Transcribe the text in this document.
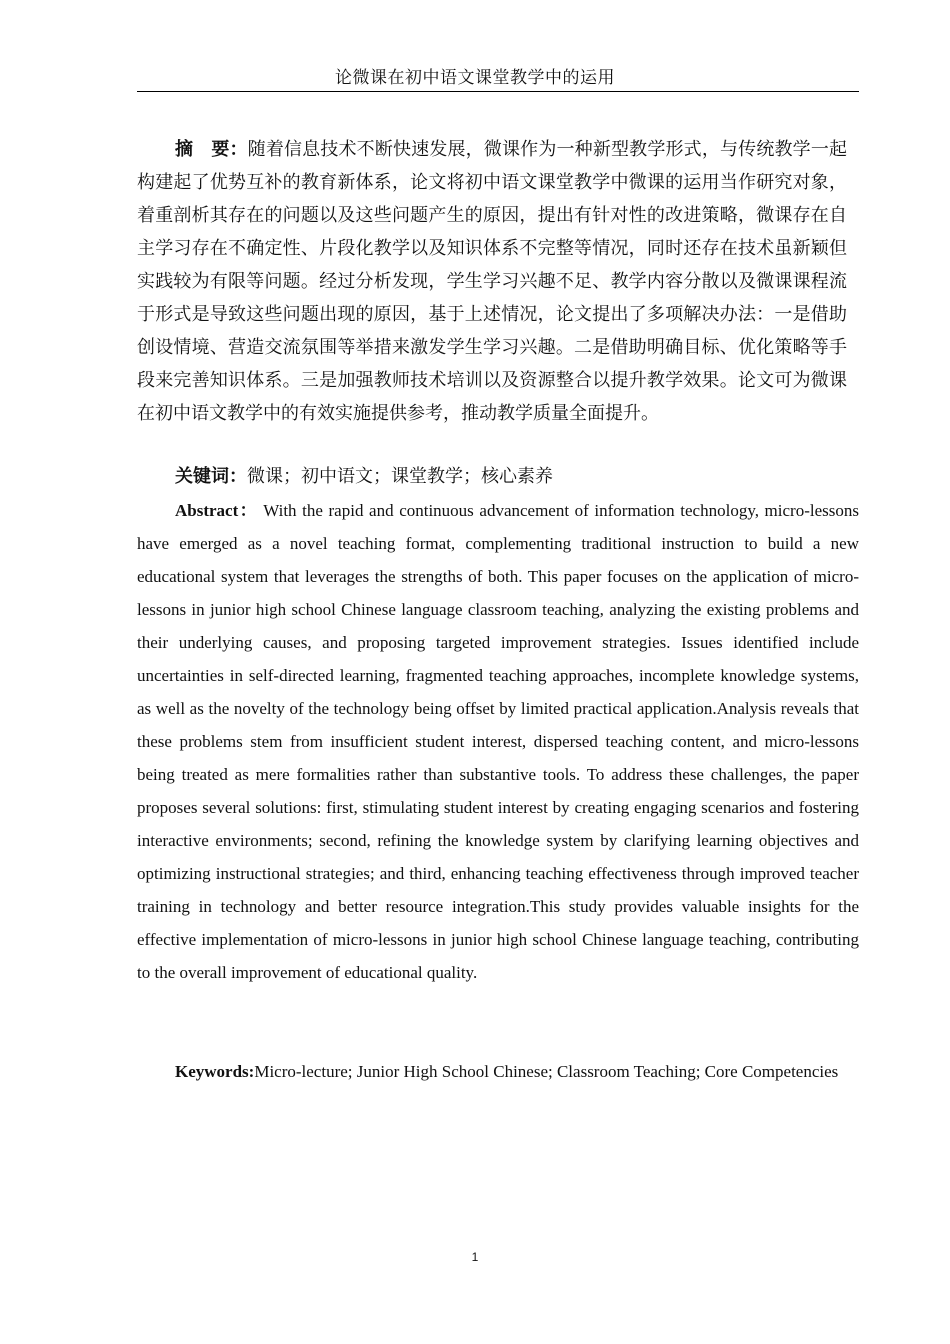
论微课在初中语文课堂教学中的运用

摘　要：随着信息技术不断快速发展，微课作为一种新型教学形式，与传统教学一起构建起了优势互补的教育新体系，论文将初中语文课堂教学中微课的运用当作研究对象，着重剖析其存在的问题以及这些问题产生的原因，提出有针对性的改进策略，微课存在自主学习存在不确定性、片段化教学以及知识体系不完整等情况，同时还存在技术虽新颖但实践较为有限等问题。经过分析发现，学生学习兴趣不足、教学内容分散以及微课课程流于形式是导致这些问题出现的原因，基于上述情况，论文提出了多项解决办法：一是借助创设情境、营造交流氛围等举措来激发学生学习兴趣。二是借助明确目标、优化策略等手段来完善知识体系。三是加强教师技术培训以及资源整合以提升教学效果。论文可为微课在初中语文教学中的有效实施提供参考，推动教学质量全面提升。

关键词：微课；初中语文；课堂教学；核心素养

Abstract： With the rapid and continuous advancement of information technology, micro-lessons have emerged as a novel teaching format, complementing traditional instruction to build a new educational system that leverages the strengths of both. This paper focuses on the application of micro-lessons in junior high school Chinese language classroom teaching, analyzing the existing problems and their underlying causes, and proposing targeted improvement strategies. Issues identified include uncertainties in self-directed learning, fragmented teaching approaches, incomplete knowledge systems, as well as the novelty of the technology being offset by limited practical application.Analysis reveals that these problems stem from insufficient student interest, dispersed teaching content, and micro-lessons being treated as mere formalities rather than substantive tools. To address these challenges, the paper proposes several solutions: first, stimulating student interest by creating engaging scenarios and fostering interactive environments; second, refining the knowledge system by clarifying learning objectives and optimizing instructional strategies; and third, enhancing teaching effectiveness through improved teacher training in technology and better resource integration.This study provides valuable insights for the effective implementation of micro-lessons in junior high school Chinese language teaching, contributing to the overall improvement of educational quality.

Keywords:Micro-lecture; Junior High School Chinese; Classroom Teaching; Core Competencies

1
